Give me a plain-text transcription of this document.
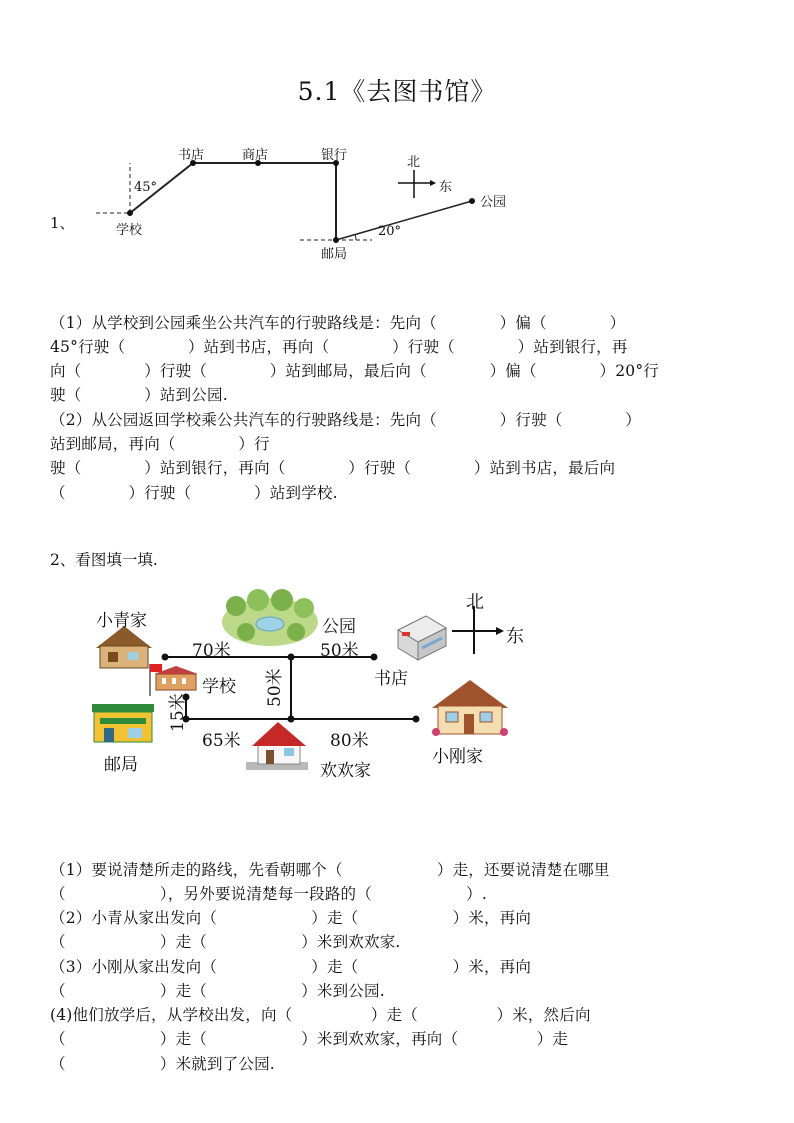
5.1《去图书馆》
1、
书店	商店	银行
45°
学校
邮局
20°
公园
北
东
（1）从学校到公园乘坐公共汽车的行驶路线是：先向（　　　　）偏（　　　　）
45°行驶（　　　　）站到书店，再向（　　　　）行驶（　　　　）站到银行，再
向（　　　　）行驶（　　　　）站到邮局，最后向（　　　　）偏（　　　　）20°行
驶（　　　　）站到公园.
（2）从公园返回学校乘公共汽车的行驶路线是：先向（　　　　）行驶（　　　　）
站到邮局，再向（　　　　）行
驶（　　　　）站到银行，再向（　　　　）行驶（　　　　）站到书店，最后向
（　　　　）行驶（　　　　）站到学校.
2、看图填一填.
小青家	公园
70米	50米
书店
学校 50米
15米
65米	80米
小刚家
邮局	欢欢家
北
东
（1）要说清楚所走的路线，先看朝哪个（　　　　　　）走，还要说清楚在哪里
（　　　　　　），另外要说清楚每一段路的（　　　　　　）.
（2）小青从家出发向（　　　　　　）走（　　　　　　）米，再向
（　　　　　　）走（　　　　　　）米到欢欢家.
（3）小刚从家出发向（　　　　　　）走（　　　　　　）米，再向
（　　　　　　）走（　　　　　　）米到公园.
(4)他们放学后，从学校出发，向（　　　　　）走（　　　　　）米，然后向
（　　　　　　）走（　　　　　　）米到欢欢家，再向（　　　　　）走
（　　　　　　）米就到了公园.
